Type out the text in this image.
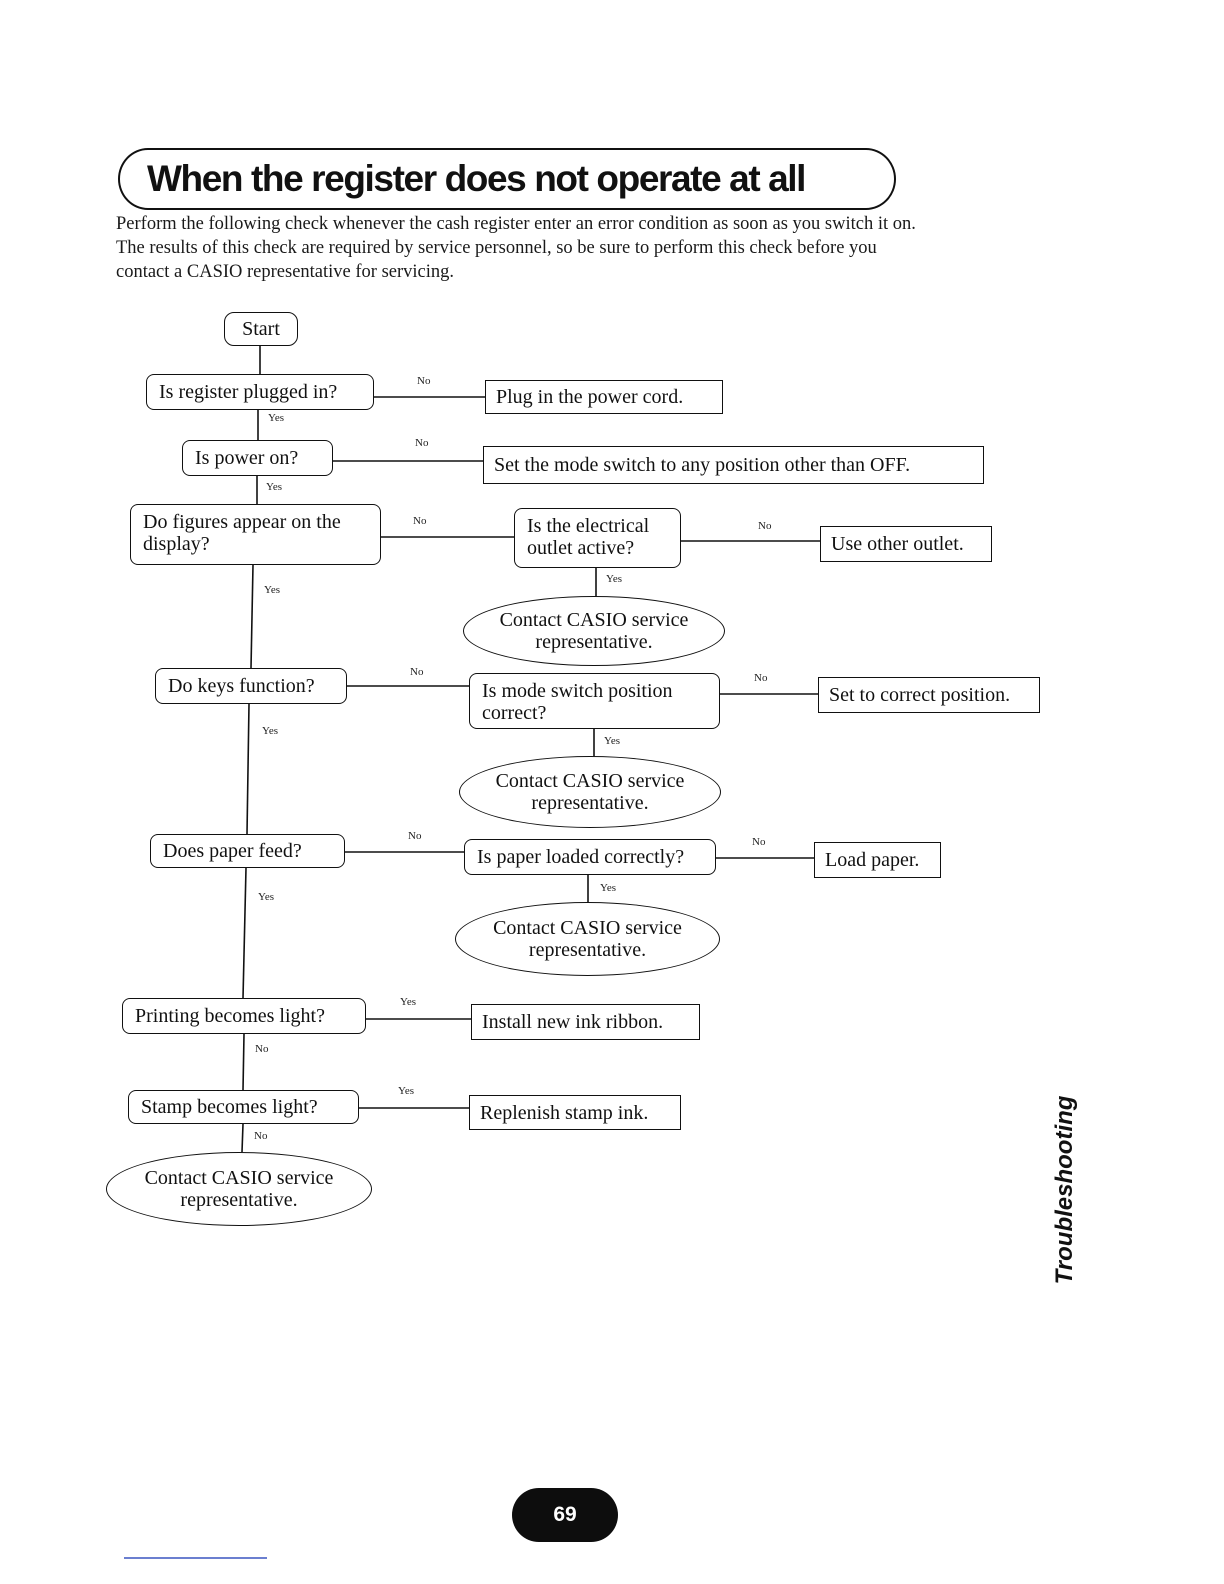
When the register does not operate at all

Perform the following check whenever the cash register enter an error condition as soon as you switch it on.

The results of this check are required by service personnel, so be sure to perform this check before you

contact a CASIO representative for servicing.

Start
Is register plugged in?	Plug in the power cord.
Is power on?	Set the mode switch to any position other than OFF.
Do figures appear on the display?
Is the electrical outlet active?	Use other outlet.
Contact CASIO service representative.
Do keys function?	Is mode switch position correct?
Set to correct position.
Contact CASIO service representative.
Does paper feed?	Is paper loaded correctly?	Load paper.
Contact CASIO service representative.
Printing becomes light?	Install new ink ribbon.
Stamp becomes light?	Replenish stamp ink.
Contact CASIO service representative.
No
Yes
No
Yes
No	No
Yes
Yes
No	No
Yes
Yes
No	No
Yes
Yes
Yes
No
Yes
No	Troubleshooting
69
